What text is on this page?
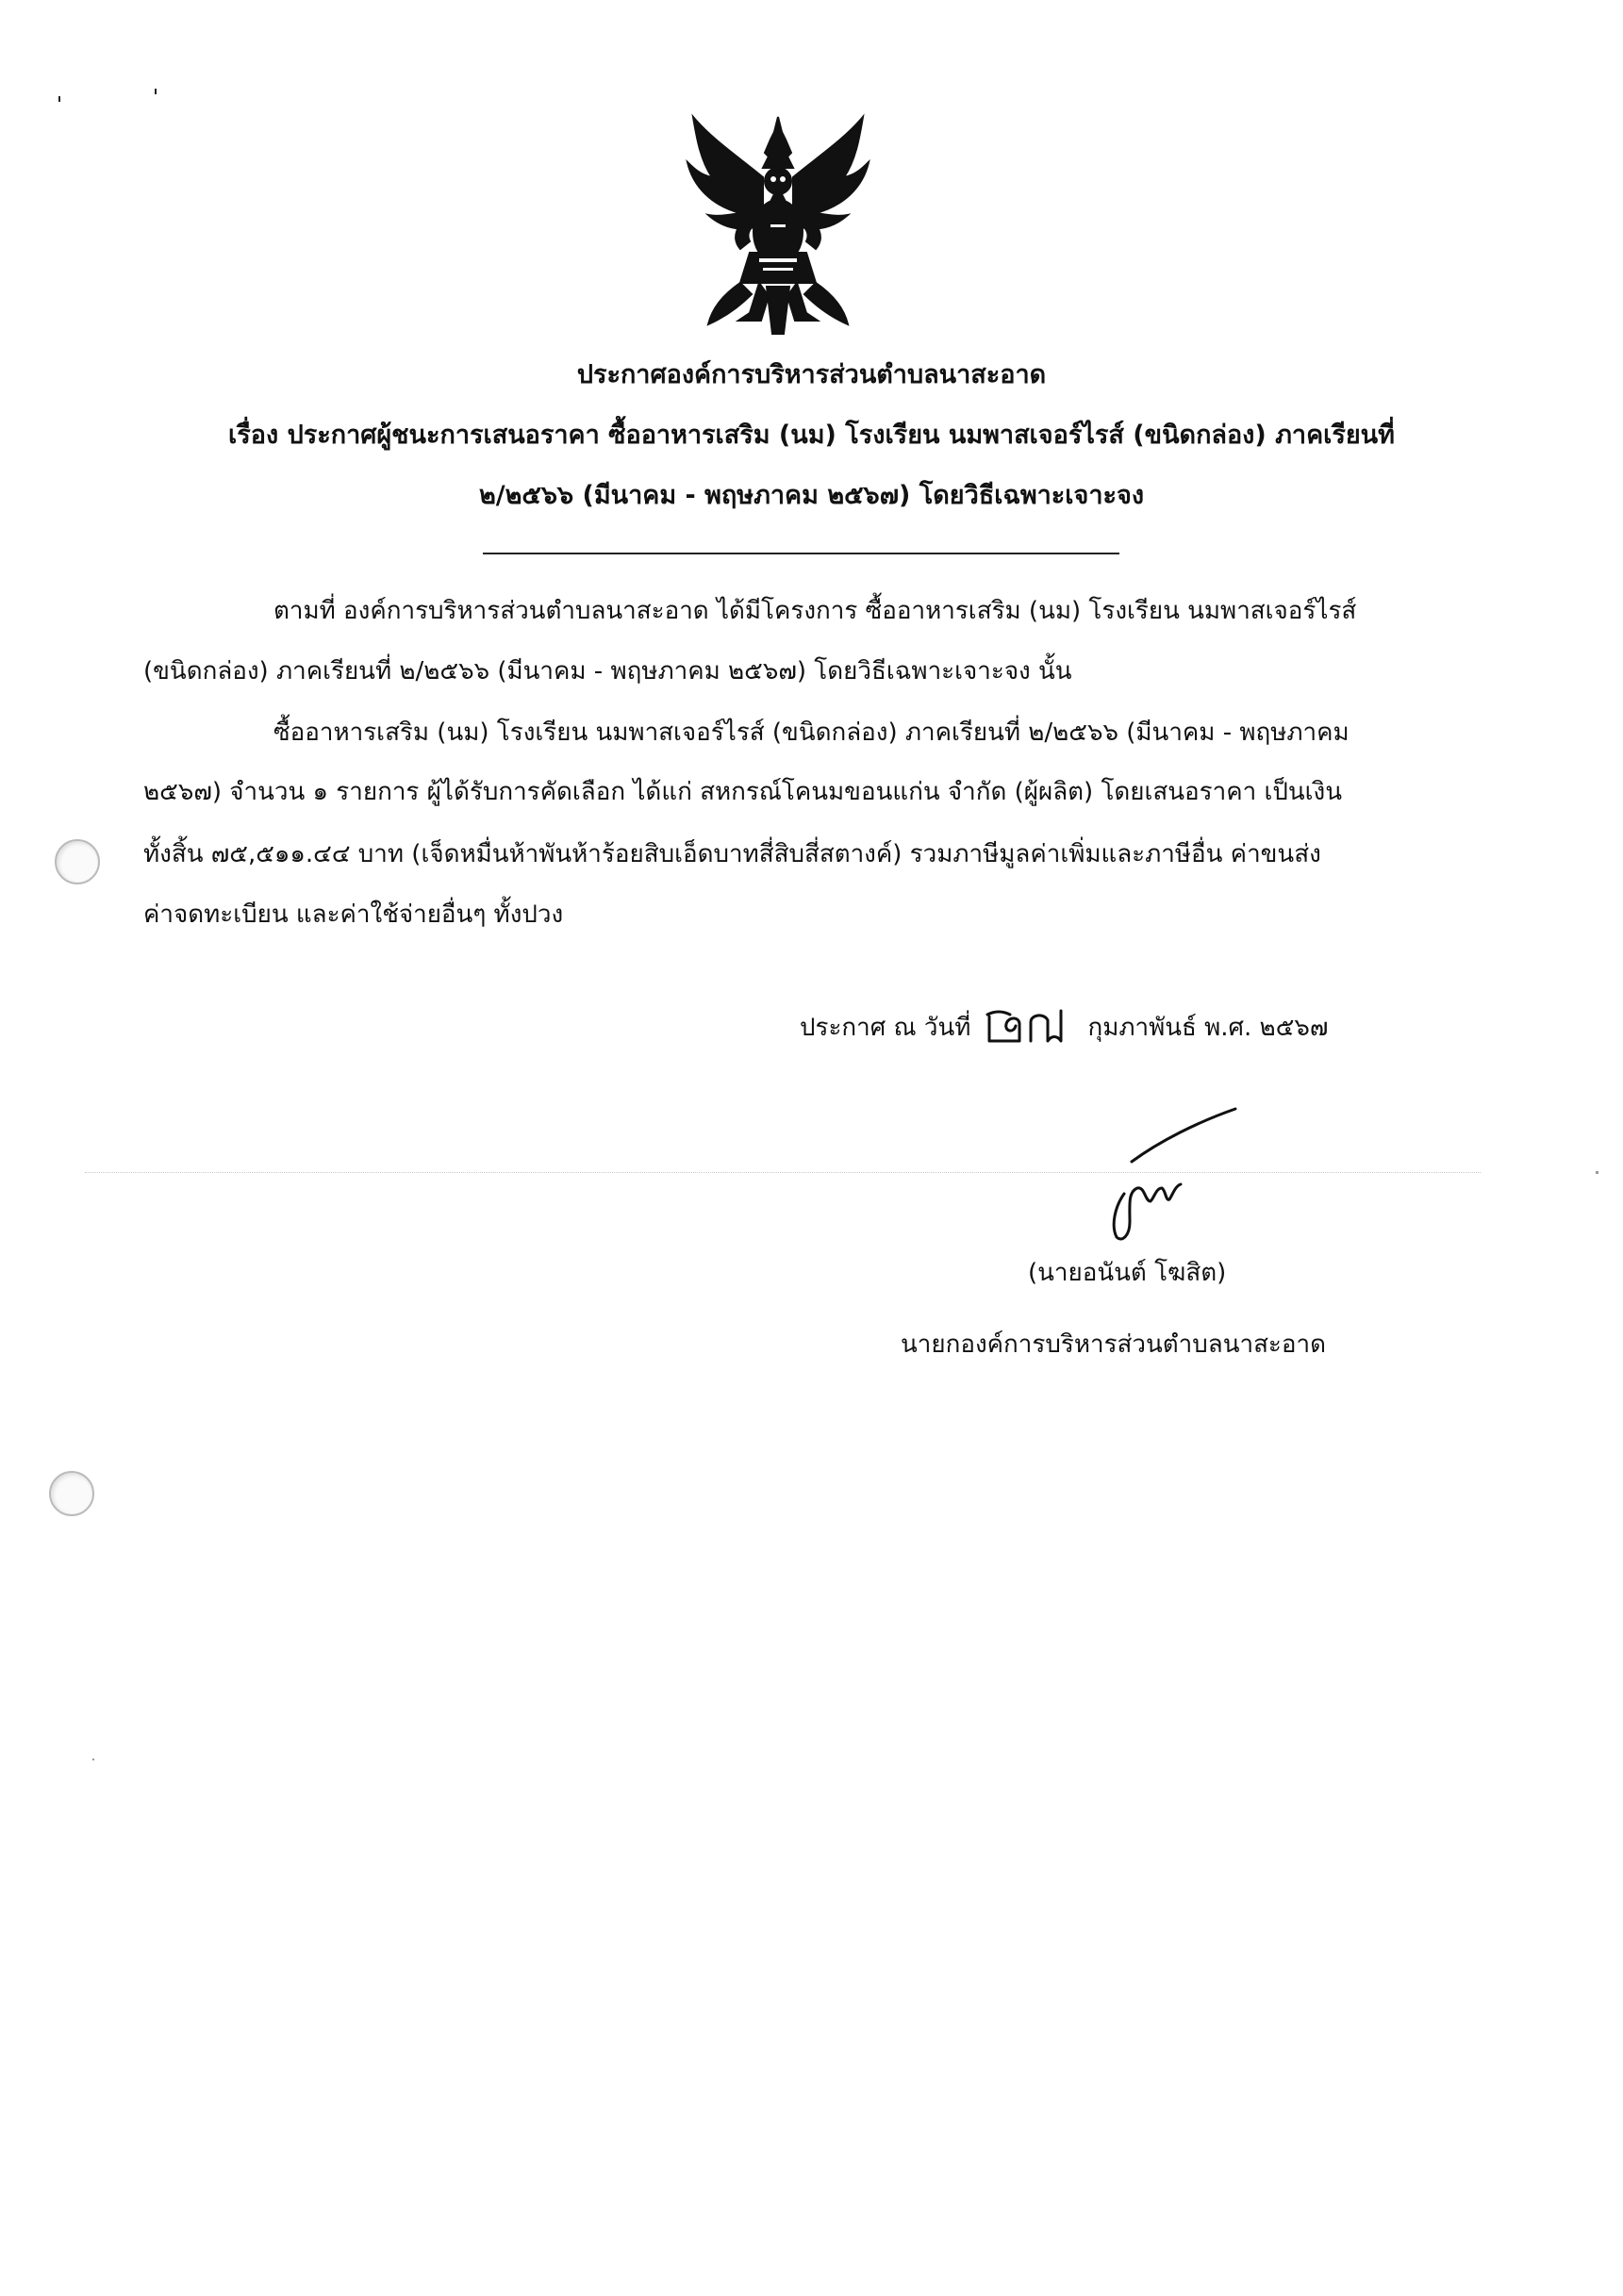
ประกาศองค์การบริหารส่วนตำบลนาสะอาด
เรื่อง ประกาศผู้ชนะการเสนอราคา ซื้ออาหารเสริม (นม) โรงเรียน นมพาสเจอร์ไรส์ (ขนิดกล่อง) ภาคเรียนที่
๒/๒๕๖๖ (มีนาคม - พฤษภาคม ๒๕๖๗) โดยวิธีเฉพาะเจาะจง
ตามที่ องค์การบริหารส่วนตำบลนาสะอาด ได้มีโครงการ ซื้ออาหารเสริม (นม) โรงเรียน นมพาสเจอร์ไรส์
(ขนิดกล่อง) ภาคเรียนที่ ๒/๒๕๖๖ (มีนาคม - พฤษภาคม ๒๕๖๗) โดยวิธีเฉพาะเจาะจง นั้น
ซื้ออาหารเสริม (นม) โรงเรียน นมพาสเจอร์ไรส์ (ขนิดกล่อง) ภาคเรียนที่ ๒/๒๕๖๖ (มีนาคม - พฤษภาคม
๒๕๖๗) จำนวน ๑ รายการ ผู้ได้รับการคัดเลือก ได้แก่ สหกรณ์โคนมขอนแก่น จำกัด (ผู้ผลิต) โดยเสนอราคา เป็นเงิน
ทั้งสิ้น ๗๕,๕๑๑.๔๔ บาท (เจ็ดหมื่นห้าพันห้าร้อยสิบเอ็ดบาทสี่สิบสี่สตางค์) รวมภาษีมูลค่าเพิ่มและภาษีอื่น ค่าขนส่ง
ค่าจดทะเบียน และค่าใช้จ่ายอื่นๆ ทั้งปวง
ประกาศ ณ วันที่	กุมภาพันธ์ พ.ศ. ๒๕๖๗
(นายอนันต์ โฆสิต)
นายกองค์การบริหารส่วนตำบลนาสะอาด
